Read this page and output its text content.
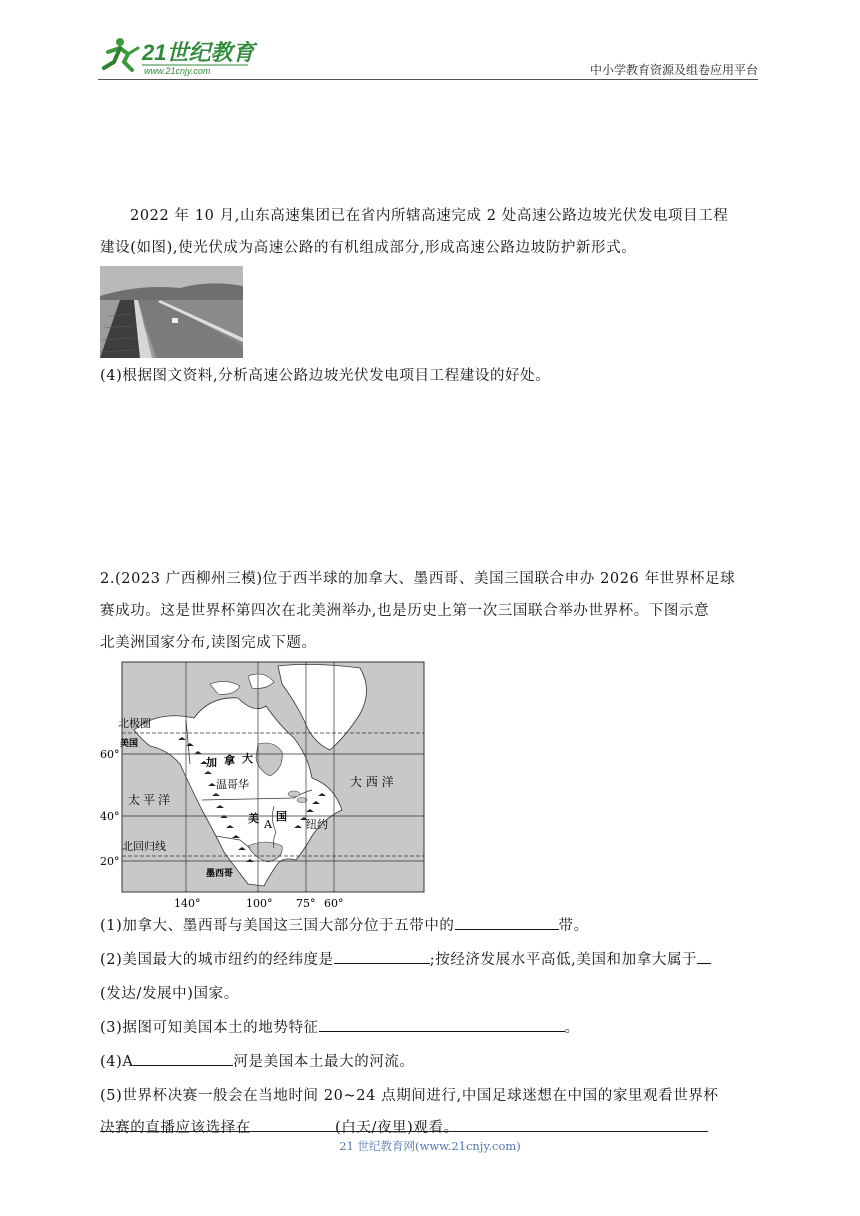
21世纪教育
www.21cnjy.com	中小学教育资源及组卷应用平台

2022 年 10 月,山东高速集团已在省内所辖高速完成 2 处高速公路边坡光伏发电项目工程

建设(如图),使光伏成为高速公路的有机组成部分,形成高速公路边坡防护新形式。

(4)根据图文资料,分析高速公路边坡光伏发电项目工程建设的好处。

2.(2023 广西柳州三模)位于西半球的加拿大、墨西哥、美国三国联合申办 2026 年世界杯足球

赛成功。这是世界杯第四次在北美洲举办,也是历史上第一次三国联合举办世界杯。下图示意

北美洲国家分布,读图完成下题。

60°
40°
20°
140°	100° 75° 60°
北极圈
美国
太平洋
加 拿 大
温哥华
美 国
A	纽约
大 西 洋
北回归线
墨西哥

(1)加拿大、墨西哥与美国这三国大部分位于五带中的	带。

(2)美国最大的城市纽约的经纬度是	;按经济发展水平高低,美国和加拿大属于

(发达/发展中)国家。

(3)据图可知美国本土的地势特征	。

(4)A	河是美国本土最大的河流。

(5)世界杯决赛一般会在当地时间 20~24 点期间进行,中国足球迷想在中国的家里观看世界杯

决赛的直播应该选择在	(白天/夜里)观看。

21 世纪教育网(www.21cnjy.com)
